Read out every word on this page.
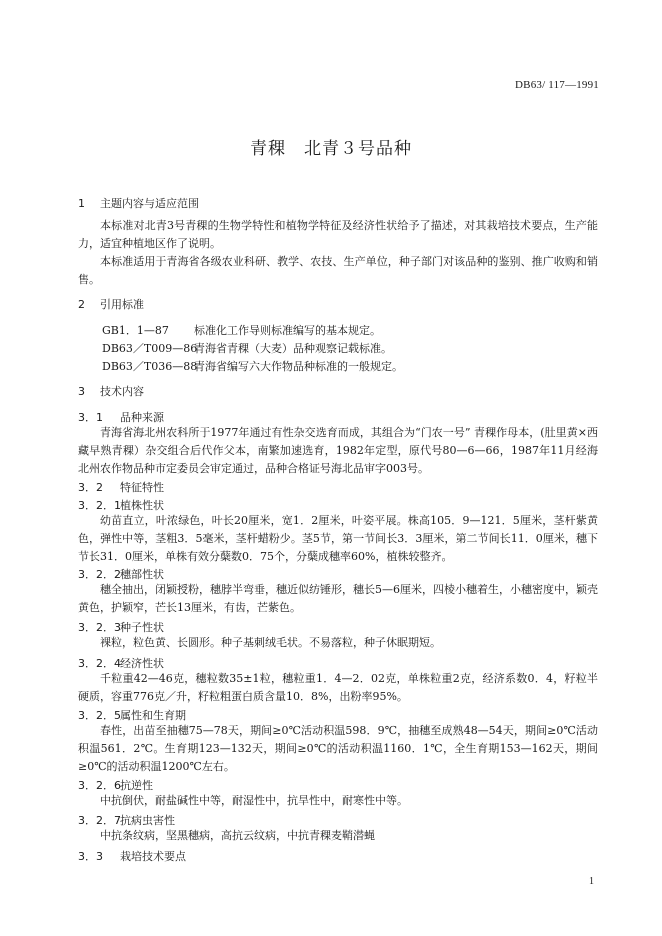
DB63/ 117—1991
青稞 北青３号品种
1 主题内容与适应范围

本标准对北青3号青稞的生物学特性和植物学特征及经济性状给予了描述，对其栽培技术要点，生产能力，适宜种植地区作了说明。

本标准适用于青海省各级农业科研、教学、农技、生产单位，种子部门对该品种的鉴别、推广收购和销售。

2 引用标准
GB1．1—87 标准化工作导则标准编写的基本规定。
DB63／T009—86青海省青稞（大麦）品种观察记载标准。
DB63／T036—88青海省编写六大作物品种标准的一般规定。
3 技术内容
3．1 品种来源

青海省海北州农科所于1977年通过有性杂交选育而成，其组合为“门农一号” 青稞作母本，(肚里黄×西藏早熟青稞）杂交组合后代作父本，南繁加速选育，1982年定型，原代号80—6—66，1987年11月经海北州农作物品种市定委员会审定通过，品种合格证号海北品审字003号。

3．2 特征特性
3．2．1植株性状

幼苗直立，叶浓绿色，叶长20厘米，宽1．2厘米，叶姿平展。株高105．9—121．5厘米，茎杆紫黄色，弹性中等，茎粗3．5毫米，茎杆蜡粉少。茎5节，第一节间长3．3厘米，第二节间长11．0厘米，穗下节长31．0厘米，单株有效分蘖数0．75个，分蘖成穗率60%，植株较整齐。

3．2．2穗部性状

穗全抽出，闭颖授粉，穗脖半弯垂，穗近似纺锤形，穗长5—6厘米，四棱小穗着生，小穗密度中，颖壳黄色，护颖窄，芒长13厘米，有齿，芒紫色。

3．2．3种子性状

裸粒，粒色黄、长圆形。种子基刺绒毛状。不易落粒，种子休眠期短。

3．2．4经济性状

千粒重42—46克，穗粒数35±1粒，穗粒重1．4—2．02克，单株粒重2克，经济系数0．4，籽粒半硬质，容重776克／升，籽粒粗蛋白质含量10．8%，出粉率95%。

3．2．5属性和生育期

春性，出苗至抽穗75—78天，期间≥0℃活动积温598．9℃，抽穗至成熟48—54天，期间≥0℃活动积温561．2℃。生育期123—132天，期间≥0℃的活动积温1160．1℃，全生育期153—162天，期间≥0℃的活动积温1200℃左右。

3．2．6抗逆性

中抗倒伏，耐盐碱性中等，耐湿性中，抗旱性中，耐寒性中等。

3．2．7抗病虫害性

中抗条纹病，坚黑穗病，高抗云纹病，中抗青稞麦鞘潜蝇

3．3 栽培技术要点
1
